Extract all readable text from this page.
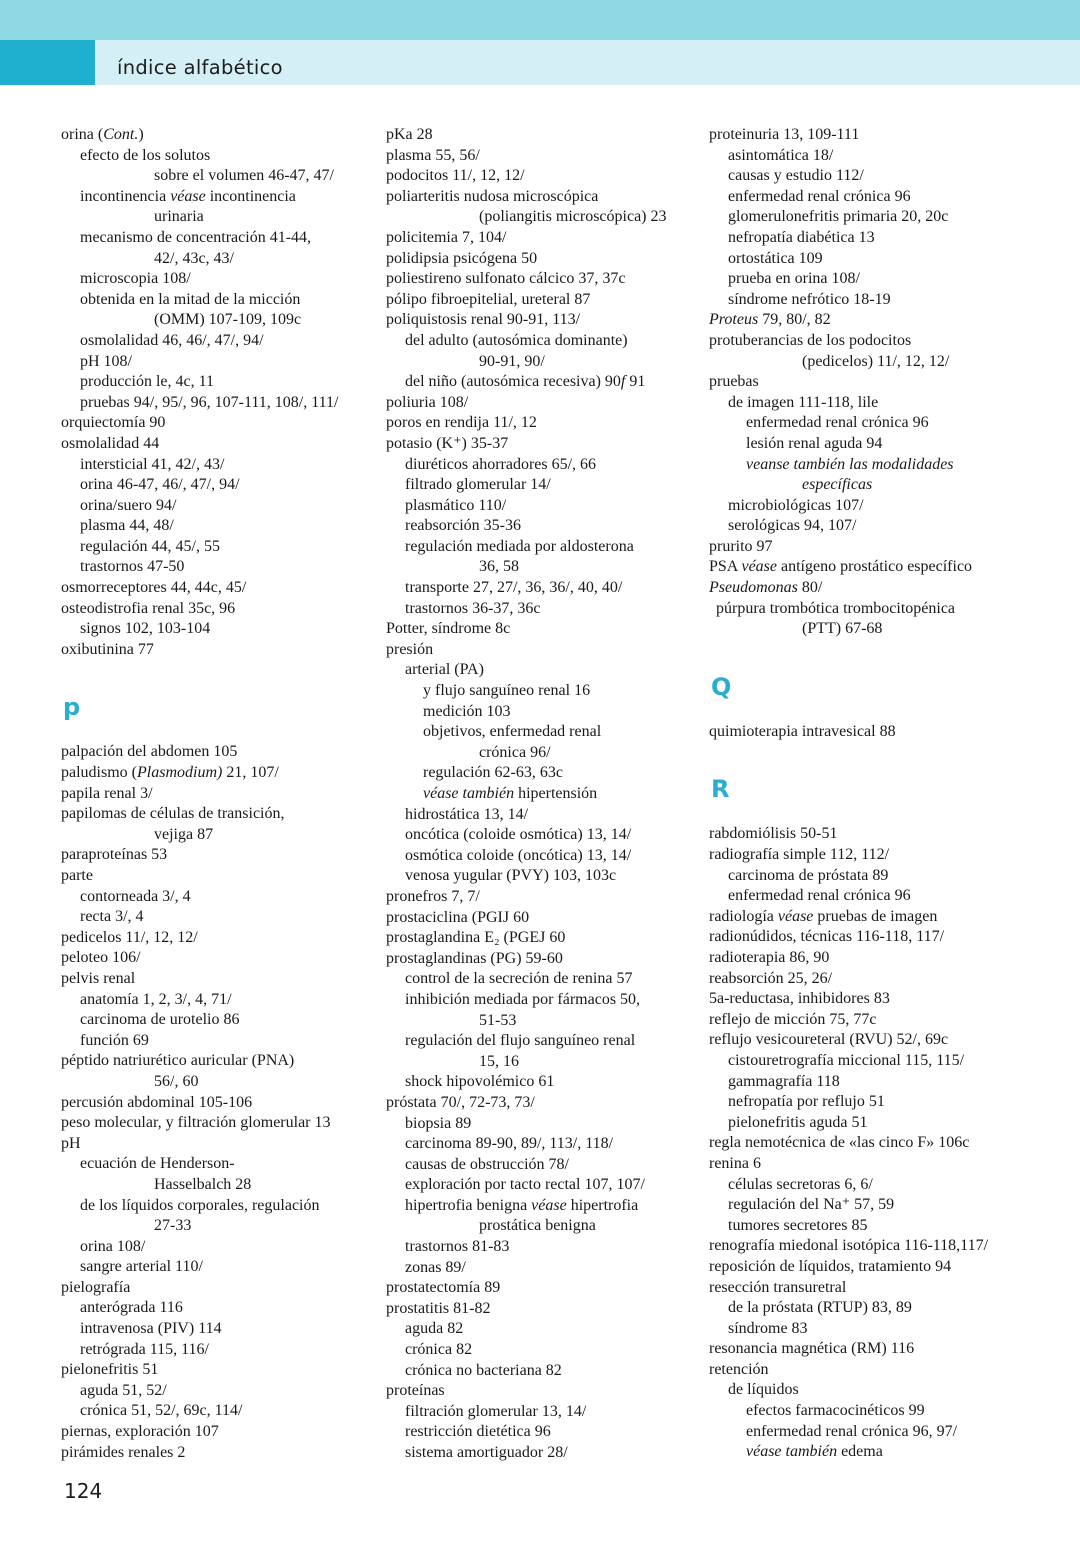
índice alfabético
orina (Cont.)
efecto de los solutos
sobre el volumen 46-47, 47/
incontinencia véase incontinencia
urinaria
mecanismo de concentración 41-44,
42/, 43c, 43/
microscopia 108/
obtenida en la mitad de la micción
(OMM) 107-109, 109c
osmolalidad 46, 46/, 47/, 94/
pH 108/
producción le, 4c, 11
pruebas 94/, 95/, 96, 107-111, 108/, 111/
orquiectomía 90
osmolalidad 44
intersticial 41, 42/, 43/
orina 46-47, 46/, 47/, 94/
orina/suero 94/
plasma 44, 48/
regulación 44, 45/, 55
trastornos 47-50
osmorreceptores 44, 44c, 45/
osteodistrofia renal 35c, 96
signos 102, 103-104
oxibutinina 77
p
palpación del abdomen 105
paludismo (Plasmodium) 21, 107/
papila renal 3/
papilomas de células de transición,
vejiga 87
paraproteínas 53
parte
contorneada 3/, 4
recta 3/, 4
pedicelos 11/, 12, 12/
peloteo 106/
pelvis renal
anatomía 1, 2, 3/, 4, 71/
carcinoma de urotelio 86
función 69
péptido natriurético auricular (PNA)
56/, 60
percusión abdominal 105-106
peso molecular, y filtración glomerular 13
pH
ecuación de Henderson-
Hasselbalch 28
de los líquidos corporales, regulación
27-33
orina 108/
sangre arterial 110/
pielografía
anterógrada 116
intravenosa (PIV) 114
retrógrada 115, 116/
pielonefritis 51
aguda 51, 52/
crónica 51, 52/, 69c, 114/
piernas, exploración 107
pirámides renales 2
pKa 28
plasma 55, 56/
podocitos 11/, 12, 12/
poliarteritis nudosa microscópica
(poliangitis microscópica) 23
policitemia 7, 104/
polidipsia psicógena 50
poliestireno sulfonato cálcico 37, 37c
pólipo fibroepitelial, ureteral 87
poliquistosis renal 90-91, 113/
del adulto (autosómica dominante)
90-91, 90/
del niño (autosómica recesiva) 90f 91
poliuria 108/
poros en rendija 11/, 12
potasio (K⁺) 35-37
diuréticos ahorradores 65/, 66
filtrado glomerular 14/
plasmático 110/
reabsorción 35-36
regulación mediada por aldosterona
36, 58
transporte 27, 27/, 36, 36/, 40, 40/
trastornos 36-37, 36c
Potter, síndrome 8c
presión
arterial (PA)
y flujo sanguíneo renal 16
medición 103
objetivos, enfermedad renal
crónica 96/
regulación 62-63, 63c
véase también hipertensión
hidrostática 13, 14/
oncótica (coloide osmótica) 13, 14/
osmótica coloide (oncótica) 13, 14/
venosa yugular (PVY) 103, 103c
pronefros 7, 7/
prostaciclina (PGIJ 60
prostaglandina E₂ (PGEJ 60
prostaglandinas (PG) 59-60
control de la secreción de renina 57
inhibición mediada por fármacos 50,
51-53
regulación del flujo sanguíneo renal
15, 16
shock hipovolémico 61
próstata 70/, 72-73, 73/
biopsia 89
carcinoma 89-90, 89/, 113/, 118/
causas de obstrucción 78/
exploración por tacto rectal 107, 107/
hipertrofia benigna véase hipertrofia
prostática benigna
trastornos 81-83
zonas 89/
prostatectomía 89
prostatitis 81-82
aguda 82
crónica 82
crónica no bacteriana 82
proteínas
filtración glomerular 13, 14/
restricción dietética 96
sistema amortiguador 28/
proteinuria 13, 109-111
asintomática 18/
causas y estudio 112/
enfermedad renal crónica 96
glomerulonefritis primaria 20, 20c
nefropatía diabética 13
ortostática 109
prueba en orina 108/
síndrome nefrótico 18-19
Proteus 79, 80/, 82
protuberancias de los podocitos
(pedicelos) 11/, 12, 12/
pruebas
de imagen 111-118, lile
enfermedad renal crónica 96
lesión renal aguda 94
veanse también las modalidades
específicas
microbiológicas 107/
serológicas 94, 107/
prurito 97
PSA véase antígeno prostático específico
Pseudomonas 80/
púrpura trombótica trombocitopénica
(PTT) 67-68
Q
quimioterapia intravesical 88
R
rabdomiólisis 50-51
radiografía simple 112, 112/
carcinoma de próstata 89
enfermedad renal crónica 96
radiología véase pruebas de imagen
radionúdidos, técnicas 116-118, 117/
radioterapia 86, 90
reabsorción 25, 26/
5a-reductasa, inhibidores 83
reflejo de micción 75, 77c
reflujo vesicoureteral (RVU) 52/, 69c
cistouretrografía miccional 115, 115/
gammagrafía 118
nefropatía por reflujo 51
pielonefritis aguda 51
regla nemotécnica de «las cinco F» 106c
renina 6
células secretoras 6, 6/
regulación del Na⁺ 57, 59
tumores secretores 85
renografía miedonal isotópica 116-118,117/
reposición de líquidos, tratamiento 94
resección transuretral
de la próstata (RTUP) 83, 89
síndrome 83
resonancia magnética (RM) 116
retención
de líquidos
efectos farmacocinéticos 99
enfermedad renal crónica 96, 97/
véase también edema
124
